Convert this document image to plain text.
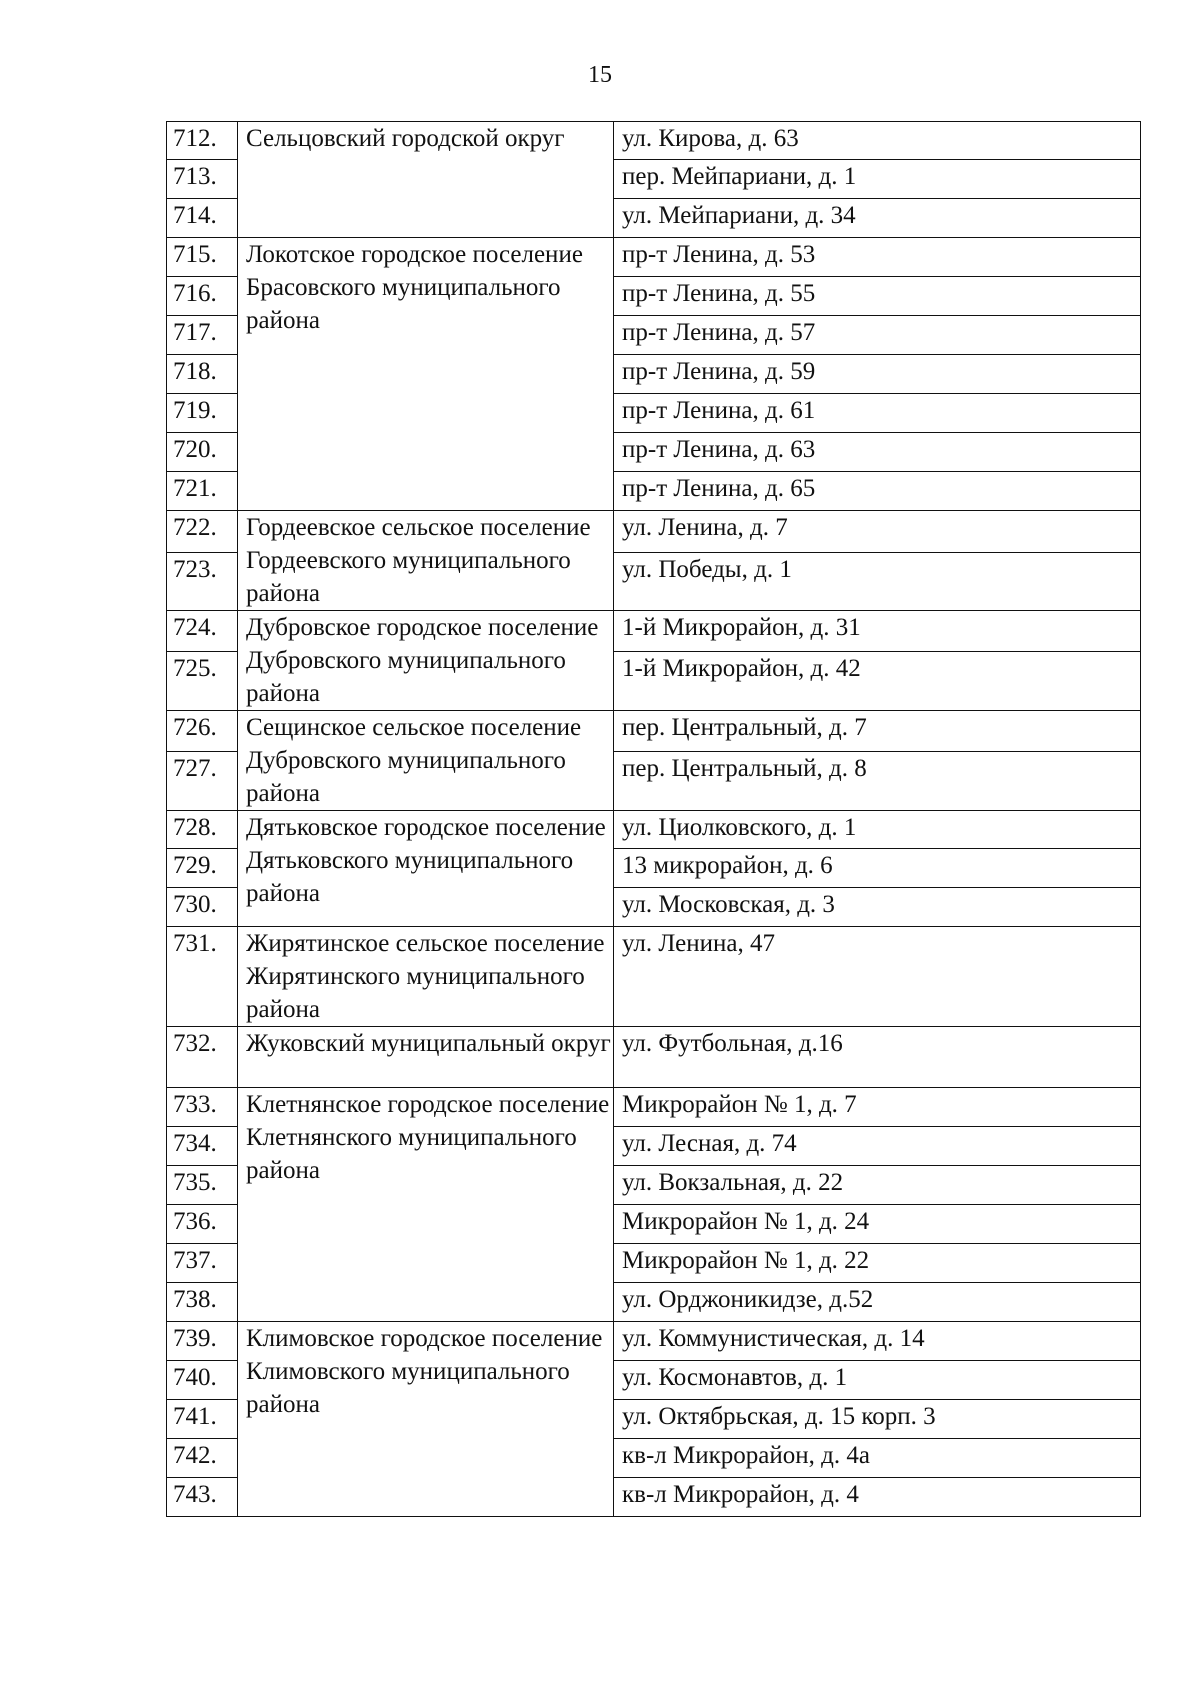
15
712.	Сельцовский городской округ	ул. Кирова, д. 63
713.		пер. Мейпариани, д. 1
714.		ул. Мейпариани, д. 34
715.	Локотское городское поселение Брасовского муниципального района	пр-т Ленина, д. 53
716.		пр-т Ленина, д. 55
717.		пр-т Ленина, д. 57
718.		пр-т Ленина, д. 59
719.		пр-т Ленина, д. 61
720.		пр-т Ленина, д. 63
721.		пр-т Ленина, д. 65
722.	Гордеевское сельское поселение Гордеевского муниципального района	ул. Ленина, д. 7
723.		ул. Победы, д. 1
724.	Дубровское городское поселение Дубровского муниципального района	1-й Микрорайон, д. 31
725.		1-й Микрорайон, д. 42
726.	Сещинское сельское поселение Дубровского муниципального района	пер. Центральный, д. 7
727.		пер. Центральный, д. 8
728.	Дятьковское городское поселение Дятьковского муниципального района	ул. Циолковского, д. 1
729.		13 микрорайон, д. 6
730.		ул. Московская, д. 3
731.	Жирятинское сельское поселение Жирятинского муниципального района	ул. Ленина, 47
732.	Жуковский муниципальный округ	ул. Футбольная, д.16
733.	Клетнянское городское поселение Клетнянского муниципального района	Микрорайон № 1, д. 7
734.		ул. Лесная, д. 74
735.		ул. Вокзальная, д. 22
736.		Микрорайон № 1, д. 24
737.		Микрорайон № 1, д. 22
738.		ул. Орджоникидзе, д.52
739.	Климовское городское поселение Климовского муниципального района	ул. Коммунистическая, д. 14
740.		ул. Космонавтов, д. 1
741.		ул. Октябрьская, д. 15 корп. 3
742.		кв-л Микрорайон, д. 4а
743.		кв-л Микрорайон, д. 4
